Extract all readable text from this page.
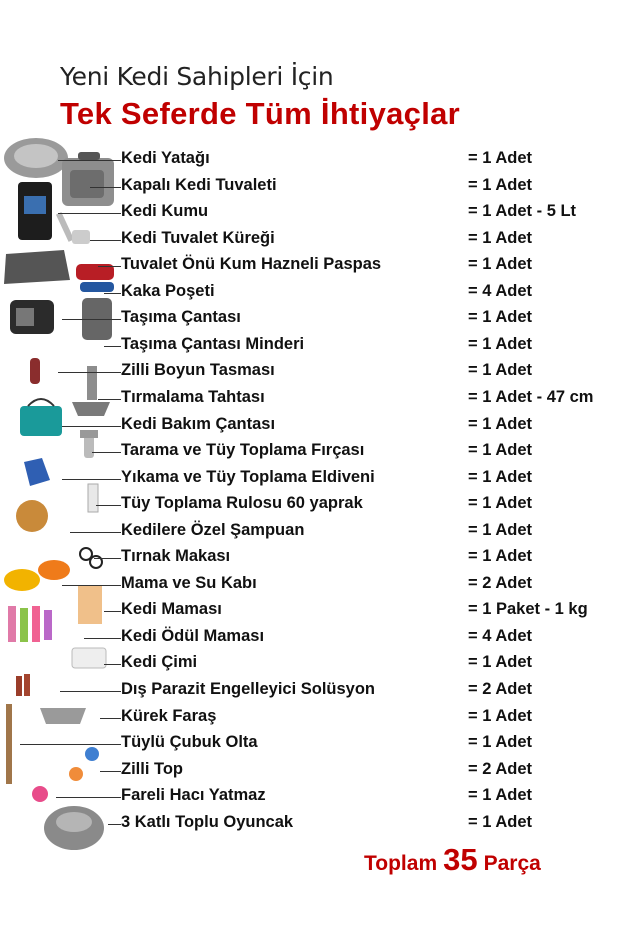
Yeni Kedi Sahipleri İçin
Tek Seferde Tüm İhtiyaçlar
Kedi Yatağı	= 1 Adet
Kapalı Kedi Tuvaleti	= 1 Adet
Kedi Kumu	= 1 Adet - 5 Lt
Kedi Tuvalet Küreği	= 1 Adet
Tuvalet Önü Kum Hazneli Paspas	= 1 Adet
Kaka Poşeti	= 4 Adet
Taşıma Çantası	= 1 Adet
Taşıma Çantası Minderi	= 1 Adet
Zilli Boyun Tasması	= 1 Adet
Tırmalama Tahtası	= 1 Adet - 47 cm
Kedi Bakım Çantası	= 1 Adet
Tarama ve Tüy Toplama Fırçası	= 1 Adet
Yıkama ve Tüy Toplama Eldiveni	= 1 Adet
Tüy Toplama Rulosu 60 yaprak	= 1 Adet
Kedilere Özel Şampuan	= 1 Adet
Tırnak Makası	= 1 Adet
Mama ve Su Kabı	= 2 Adet
Kedi Maması	= 1 Paket - 1 kg
Kedi Ödül Maması	= 4 Adet
Kedi Çimi	= 1 Adet
Dış Parazit Engelleyici Solüsyon	= 2 Adet
Kürek Faraş	= 1 Adet
Tüylü Çubuk Olta	= 1 Adet
Zilli Top	= 2 Adet
Fareli Hacı Yatmaz	= 1 Adet
3 Katlı Toplu Oyuncak	= 1 Adet
Toplam 35 Parça
